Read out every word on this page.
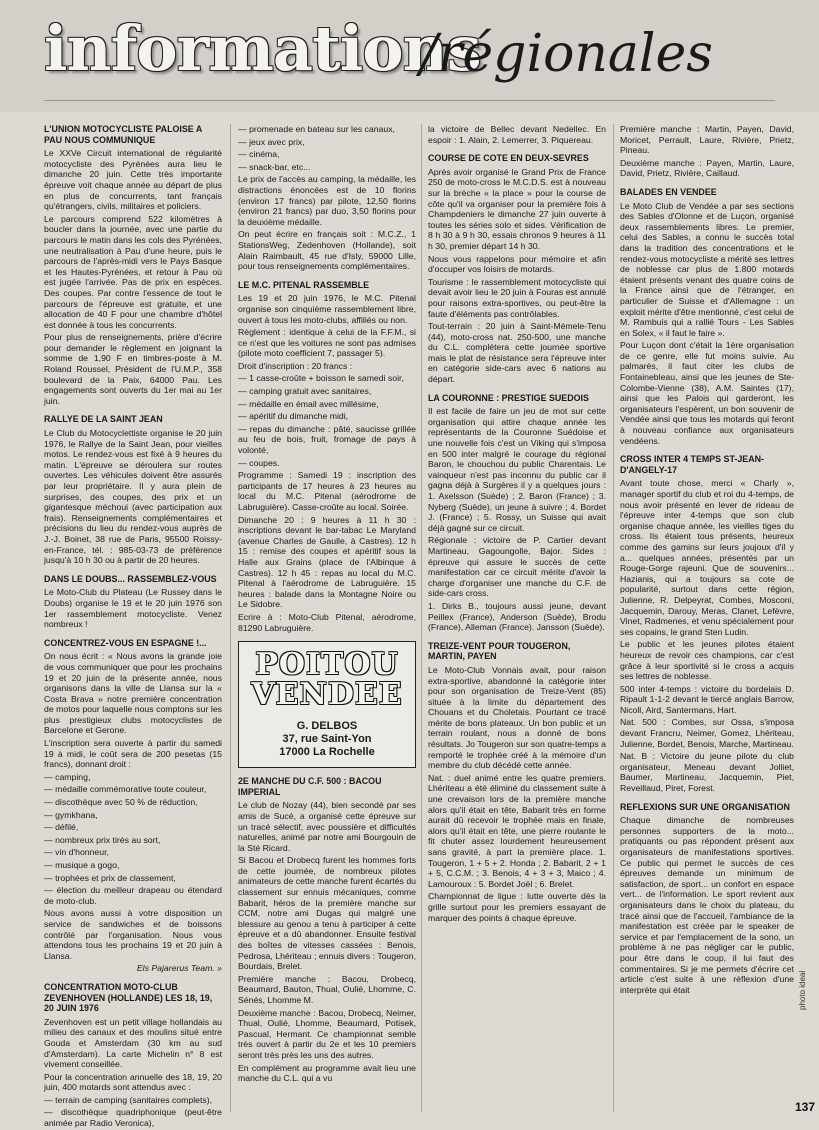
informations
/régionales
L'UNION MOTOCYCLISTE PALOISE A PAU NOUS COMMUNIQUE

Le XXVe Circuit international de régularité motocycliste des Pyrénées aura lieu le dimanche 20 juin. Cette très importante épreuve voit chaque année au départ de plus en plus de concurrents, tant français qu'étrangers, civils, militaires et policiers.

Le parcours comprend 522 kilomètres à boucler dans la journée, avec une partie du parcours le matin dans les cols des Pyrénées, une neutralisation à Pau d'une heure, puis le parcours de l'après-midi vers le Pays Basque et les Hautes-Pyrénées, et retour à Pau où est jugée l'arrivée. Pas de prix en espèces. Des coupes. Par contre l'essence de tout le parcours de l'épreuve est gratuite, et une allocation de 40 F pour une chambre d'hôtel est donnée à tous les concurrents.

Pour plus de renseignements, prière d'écrire pour demander le règlement en joignant la somme de 1,90 F en timbres-poste à M. Roland Roussel, Président de l'U.M.P., 358 boulevard de la Paix, 64000 Pau. Les engagements sont ouverts du 1er mai au 1er juin.

RALLYE DE LA SAINT JEAN

Le Club du Motocyclettiste organise le 20 juin 1976, le Rallye de la Saint Jean, pour vieilles motos. Le rendez-vous est fixé à 9 heures du matin. L'épreuve se déroulera sur routes ouvertes. Les véhicules doivent être assurés par leur propriétaire. Il y aura plein de surprises, des coupes, des prix et un gigantesque méchoui (avec participation aux frais). Renseignements complémentaires et précisions du lieu du rendez-vous auprès de J.-J. Boinet, 38 rue de Paris, 95500 Roissy-en-France, tél. : 985-03-73 de préférence jusqu'à 10 h 30 ou à partir de 20 heures.

DANS LE DOUBS... RASSEMBLEZ-VOUS

Le Moto-Club du Plateau (Le Russey dans le Doubs) organise le 19 et le 20 juin 1976 son 1er rassemblement motocycliste. Venez nombreux !

CONCENTREZ-VOUS EN ESPAGNE !...

On nous écrit : « Nous avons la grande joie de vous communiquer que pour les prochains 19 et 20 juin de la présente année, nous organisons dans la ville de Llansa sur la « Costa Brava » notre première concentration de motos pour laquelle nous comptons sur les plus prestigieux clubs motocyclistes de Barcelone et Gerone.

L'inscription sera ouverte à partir du samedi 19 à midi, le coût sera de 200 pesetas (15 francs), donnant droit :

— camping,

— médaille commémorative toute couleur,

— discothèque avec 50 % de réduction,

— gymkhana,

— défilé,

— nombreux prix tirés au sort,

— vin d'honneur,

— musique a gogo,

— trophées et prix de classement,

— élection du meilleur drapeau ou étendard de moto-club.

Nous avons aussi à votre disposition un service de sandwiches et de boissons contrôlé par l'organisation. Nous vous attendons tous les prochains 19 et 20 juin à Llansa.

Els Pajarerus Team. »

CONCENTRATION MOTO-CLUB ZEVENHOVEN (HOLLANDE) LES 18, 19, 20 JUIN 1976

Zevenhoven est un petit village hollandais au milieu des canaux et des moulins situé entre Gouda et Amsterdam (30 km au sud d'Amsterdam). La carte Michelin n° 8 est vivement conseillée.

Pour la concentration annuelle des 18, 19, 20 juin, 400 motards sont attendus avec :

— terrain de camping (sanitaires complets),

— discothèque quadriphonique (peut-être animée par Radio Veronica),

— promenade en bateau sur les canaux,

— jeux avec prix,

— cinéma,

— snack-bar, etc...

Le prix de l'accès au camping, la médaille, les distractions énoncées est de 10 florins (environ 17 francs) par pilote, 12,50 florins (environ 21 francs) par duo, 3,50 florins pour la deuxième médaille.

On peut écrire en français soit : M.C.Z., 1 StationsWeg, Zedenhoven (Hollande), soit Alain Raimbault, 45 rue d'Isly, 59000 Lille, pour tous renseignements complémentaires.

LE M.C. PITENAL RASSEMBLE

Les 19 et 20 juin 1976, le M.C. Pitenal organise son cinquième rassemblement libre, ouvert à tous les moto-clubs, affiliés ou non.

Règlement : identique à celui de la F.F.M., si ce n'est que les voitures ne sont pas admises (pilote moto coefficient 7, passager 5).

Droit d'inscription : 20 francs :

— 1 casse-croûte + boisson le samedi soir,

— camping gratuit avec sanitaires,

— médaille en émail avec millésime,

— apéritif du dimanche midi,

— repas du dimanche : pâté, saucisse grillée au feu de bois, fruit, fromage de pays à volonté,

— coupes.

Programme : Samedi 19 : inscription des participants de 17 heures à 23 heures au local du M.C. Pitenal (aérodrome de Labruguière). Casse-croûte au local. Soirée.

Dimanche 20 : 9 heures à 11 h 30 : inscriptions devant le bar-tabac Le Maryland (avenue Charles de Gaulle, à Castres). 12 h 15 : remise des coupes et apéritif sous la Halle aux Grains (place de l'Albinque à Castres). 12 h 45 : repas au local du M.C. Pitenal à l'aérodrome de Labruguière. 15 heures : balade dans la Montagne Noire ou Le Sidobre.

Ecrire à : Moto-Club Pitenal, aérodrome, 81290 Labruguière.

POITOU VENDEE
G. DELBOS
37, rue Saint-Yon
17000 La Rochelle
2E MANCHE DU C.F. 500 : BACOU IMPERIAL

Le club de Nozay (44), bien secondé par ses amis de Sucé, a organisé cette épreuve sur un tracé sélectif, avec poussière et difficultés naturelles, animé par notre ami Bourgouin de la Sté Ricard.

Si Bacou et Drobecq furent les hommes forts de cette journée, de nombreux pilotes animateurs de cette manche furent écartés du classement sur ennuis mécaniques, comme Babarit, héros de la première manche sur CCM, notre ami Dugas qui malgré une blessure au genou a tenu à participer à cette épreuve et a dû abandonner. Ensuite festival des boîtes de vitesses cassées : Benois, Pedrosa, Lhériteau ; ennuis divers : Tougeron, Bourdais, Brelet.

Première manche : Bacou, Drobecq, Beaumard, Bauton, Thual, Oulié, Lhomme, C. Sénés, Lhomme M.

Deuxième manche : Bacou, Drobecq, Neimer, Thual, Oulié, Lhomme, Beaumard, Potisek, Pascual, Hermant. Ce championnat semble très ouvert à partir du 2e et les 10 premiers seront très près les uns des autres.

En complément au programme avait lieu une manche du C.L. qui a vu

la victoire de Bellec devant Nedellec. En espoir : 1. Alain, 2. Lemerrer, 3. Piquereau.

COURSE DE COTE EN DEUX-SEVRES

Après avoir organisé le Grand Prix de France 250 de moto-cross le M.C.D.S. est à nouveau sur la brèche « la place » pour la course de côte qu'il va organiser pour la première fois à Champdeniers le dimanche 27 juin ouverte à toutes les séries solo et sides. Vérification de 8 h 30 à 9 h 30, essais chronos 9 heures à 11 h 30, premier départ 14 h 30.

Nous vous rappelons pour mémoire et afin d'occuper vos loisirs de motards.

Tourisme : le rassemblement motocycliste qui devait avoir lieu le 20 juin à Fouras est annulé pour raisons extra-sportives, ou peut-être la faute d'éléments pas contrôlables.

Tout-terrain : 20 juin à Saint-Mémele-Tenu (44), moto-cross nat. 250-500, une manche du C.L. complétera cette journée sportive mais le plat de résistance sera l'épreuve inter en catégorie side-cars avec 6 nations au départ.

LA COURONNE : PRESTIGE SUEDOIS

Il est facile de faire un jeu de mot sur cette organisation qui attire chaque année les représentants de la Couronne Suédoise et une nouvelle fois c'est un Viking qui s'imposa en 500 inter malgré le courage du régional Baron, le chouchou du public Charentais. Le vainqueur n'est pas inconnu du public car il gagna déjà à Surgères il y a quelques jours : 1. Axelsson (Suède) ; 2. Baron (France) ; 3. Nyberg (Suède), un jeune à suivre ; 4. Bordet J. (France) ; 5. Rossy, un Suisse qui avait déjà gagné sur ce circuit.

Régionale : victoire de P. Cartier devant Martineau, Gagoungolle, Bajor. Sides : épreuve qui assure le succès de cette manifestation car ce circuit mérite d'avoir la charge d'organiser une manche du C.F. de side-cars cross.

1. Dirks B., toujours aussi jeune, devant Peillex (France), Anderson (Suède), Brodu (France), Alleman (France). Jansson (Suède).

TREIZE-VENT POUR TOUGERON, MARTIN, PAYEN

Le Moto-Club Vonnais avait, pour raison extra-sportive, abandonné la catégorie inter pour son organisation de Treize-Vent (85) située à la limite du département des Chouans et du Choletais. Pourtant ce tracé mérite de bons plateaux. Un bon public et un terrain roulant, nous a donné de bons résultats. Jo Tougeron sur son quatre-temps a remporté le trophée créé à la mémoire d'un membre du club décédé cette année.

Nat. : duel animé entre les quatre premiers. Lhériteau a été éliminé du classement suite à une crevaison lors de la première manche alors qu'il était en tête, Babarit très en forme aurait dû recevoir le trophée mais en finale, alors qu'il était en tête, une pierre roulante le fit chuter assez lourdement heureusement sans gravité, à part la première place. 1. Tougeron, 1 + 5 + 2. Honda ; 2. Babarit, 2 + 1 + 5, C.C.M. ; 3. Benois, 4 + 3 + 3, Maico ; 4. Lamouroux : 5. Bordet Joël ; 6. Brelet.

Championnat de ligue : lutte ouverte dès la grille surtout pour les premiers essayant de marquer des points à chaque épreuve.

Première manche : Martin, Payen, David, Moricet, Perrault, Laure, Rivière, Prietz, Pineau.

Deuxième manche : Payen, Martin, Laure, David, Prietz, Rivière, Caillaud.

BALADES EN VENDEE

Le Moto Club de Vendée a par ses sections des Sables d'Olonne et de Luçon, organisé deux rassemblements libres. Le premier, celui des Sables, a connu le succès total dans la tradition des concentrations et le rendez-vous motocycliste a mérité ses lettres de noblesse car plus de 1.800 motards étaient présents venant des quatre coins de la France ainsi que de l'étranger, en particulier de Suisse et d'Allemagne : un exploit mérite d'être mentionné, c'est celui de M. Rambuis qui a rallié Tours - Les Sables en Solex, « il faut le faire ».

Pour Luçon dont c'était la 1ère organisation de ce genre, elle fut moins suivie. Au palmarès, il faut citer les clubs de Fontainebleau, ainsi que les jeunes de Ste-Colombe-Vienne (38), A.M. Saintes (17), ainsi que les Palois qui garderont, les organisateurs l'espèrent, un bon souvenir de Vendée ainsi que tous les motards qui feront à nouveau confiance aux organisateurs vendéens.

CROSS INTER 4 TEMPS ST-JEAN-D'ANGELY-17

Avant toute chose, merci « Charly », manager sportif du club et roi du 4-temps, de nous avoir présenté en lever de rideau de l'épreuve inter 4-temps que son club organise chaque année, les vieilles tiges du cross. Ils étaient tous présents, heureux comme des gamins sur leurs joujoux d'il y a... quelques années, présentés par un Rouge-Gorge rajeuni. Que de souvenirs... Hazianis, qui a toujours sa cote de popularité, surtout dans cette région, Julienne, R. Delpeyrat, Combes, Mosconi, Jacquemin, Darouy, Meras, Clanet, Lefèvre, Vinet, Radmenes, et venu spécialement pour ses copains, le grand Sten Ludin.

Le public et les jeunes pilotes étaient heureux de revoir ces champions, car c'est grâce à leur sportivité si le cross a acquis ses lettres de noblesse.

500 inter 4-temps : victoire du bordelais D. Ripault 1-1-2 devant le tiercé anglais Barrow, Nicoll, Aird, Santermans, Hart.

Nat. 500 : Combes, sur Ossa, s'imposa devant Francru, Neimer, Gomez, Lhériteau, Julienne, Bordet, Benois, Marche, Martineau.

Nat. B : Victoire du jeune pilote du club organisateur, Meneau devant Jolliet, Baumer, Martineau, Jacquemin, Piet, Reveillaud, Piret, Forest.

REFLEXIONS SUR UNE ORGANISATION

Chaque dimanche de nombreuses personnes supporters de la moto... pratiquants ou pas répondent présent aux organisateurs de manifestations sportives. Ce public qui permet le succès de ces épreuves demande un minimum de satisfaction, de sport... un confort en espace vert... de l'information. Le sport revient aux organisateurs dans le choix du plateau, du tracé ainsi que de l'accueil, l'ambiance de la manifestation est créée par le speaker de service et par l'emplacement de la sono, un problème à ne pas négliger car le public, pour être dans le coup, il lui faut des commentaires. Si je me permets d'écrire cet article c'est suite à une réflexion d'une interprète qui était	photo ideal
137
